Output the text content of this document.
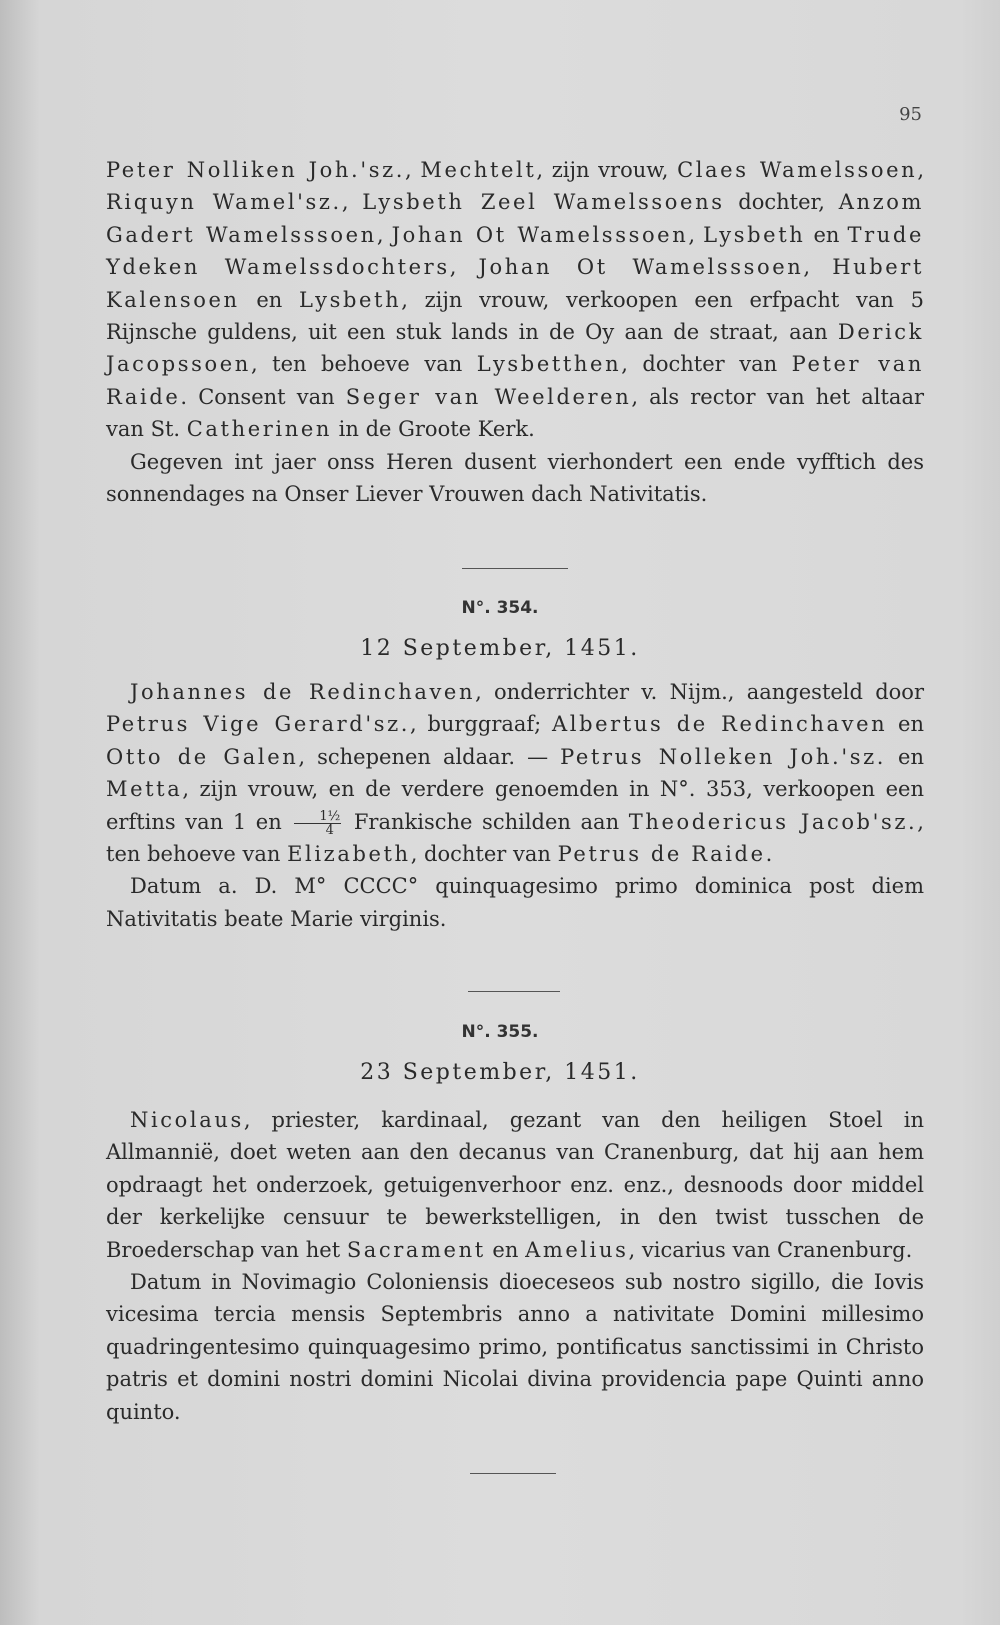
95

Peter Nolliken Joh.'sz., Mechtelt, zijn vrouw, Claes Wamelssoen, Riquyn Wamel'sz., Lysbeth Zeel Wamelssoens dochter, Anzom Gadert Wamelsssoen, Johan Ot Wamelsssoen, Lysbeth en Trude Ydeken Wamelssdochters, Johan Ot Wamelsssoen, Hubert Kalensoen en Lysbeth, zijn vrouw, verkoopen een erfpacht van 5 Rijnsche guldens, uit een stuk lands in de Oy aan de straat, aan Derick Jacopssoen, ten behoeve van Lysbetthen, dochter van Peter van Raide. Consent van Seger van Weelderen, als rector van het altaar van St. Catherinen in de Groote Kerk.

Gegeven int jaer onss Heren dusent vierhondert een ende vyfftich des sonnendages na Onser Liever Vrouwen dach Nativitatis.

N°. 354.
12 September, 1451.

Johannes de Redinchaven, onderrichter v. Nijm., aangesteld door Petrus Vige Gerard'sz., burggraaf; Albertus de Redinchaven en Otto de Galen, schepenen aldaar. — Petrus Nolleken Joh.'sz. en Metta, zijn vrouw, en de verdere genoemden in N°. 353, verkoopen een erftins van 1 en $\frac{\text{1½}}{4}$ Frankische schilden aan Theodericus Jacob'sz., ten behoeve van Elizabeth, dochter van Petrus de Raide.

Datum a. D. M° CCCC° quinquagesimo primo dominica post diem Nativitatis beate Marie virginis.

N°. 355.
23 September, 1451.

Nicolaus, priester, kardinaal, gezant van den heiligen Stoel in Allmannië, doet weten aan den decanus van Cranenburg, dat hij aan hem opdraagt het onderzoek, getuigenverhoor enz. enz., desnoods door middel der kerkelijke censuur te bewerkstelligen, in den twist tusschen de Broederschap van het Sacrament en Amelius, vicarius van Cranenburg.

Datum in Novimagio Coloniensis dioeceseos sub nostro sigillo, die Iovis vicesima tercia mensis Septembris anno a nativitate Domini millesimo quadringentesimo quinquagesimo primo, pontificatus sanctissimi in Christo patris et domini nostri domini Nicolai divina providencia pape Quinti anno quinto.
